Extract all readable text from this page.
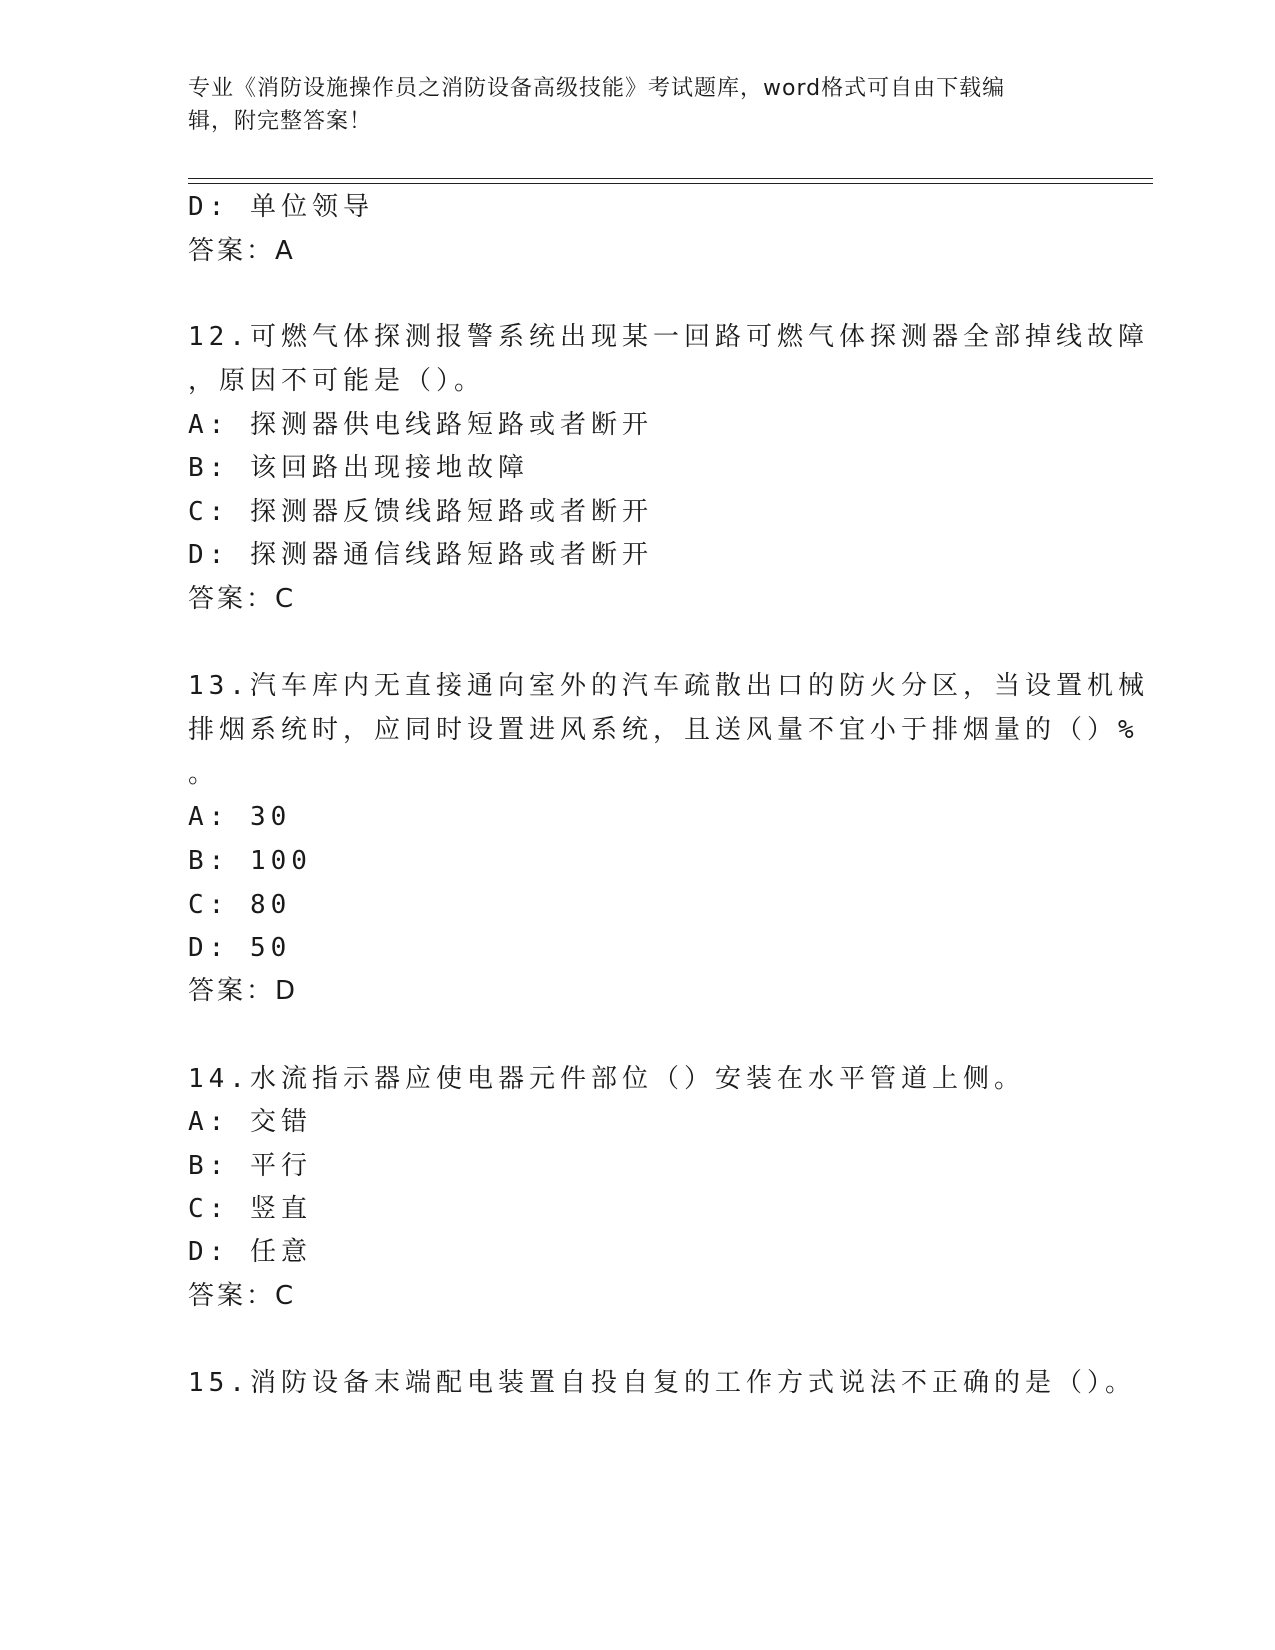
专业《消防设施操作员之消防设备高级技能》考试题库，word格式可自由下载编
辑，附完整答案！
D: 单位领导
答案：A
12.可燃气体探测报警系统出现某一回路可燃气体探测器全部掉线故障
，原因不可能是（）。
A: 探测器供电线路短路或者断开
B: 该回路出现接地故障
C: 探测器反馈线路短路或者断开
D: 探测器通信线路短路或者断开
答案：C
13.汽车库内无直接通向室外的汽车疏散出口的防火分区，当设置机械
排烟系统时，应同时设置进风系统，且送风量不宜小于排烟量的（）%
。
A: 30
B: 100
C: 80
D: 50
答案：D
14.水流指示器应使电器元件部位（）安装在水平管道上侧。
A: 交错
B: 平行
C: 竖直
D: 任意
答案：C
15.消防设备末端配电装置自投自复的工作方式说法不正确的是（）。
